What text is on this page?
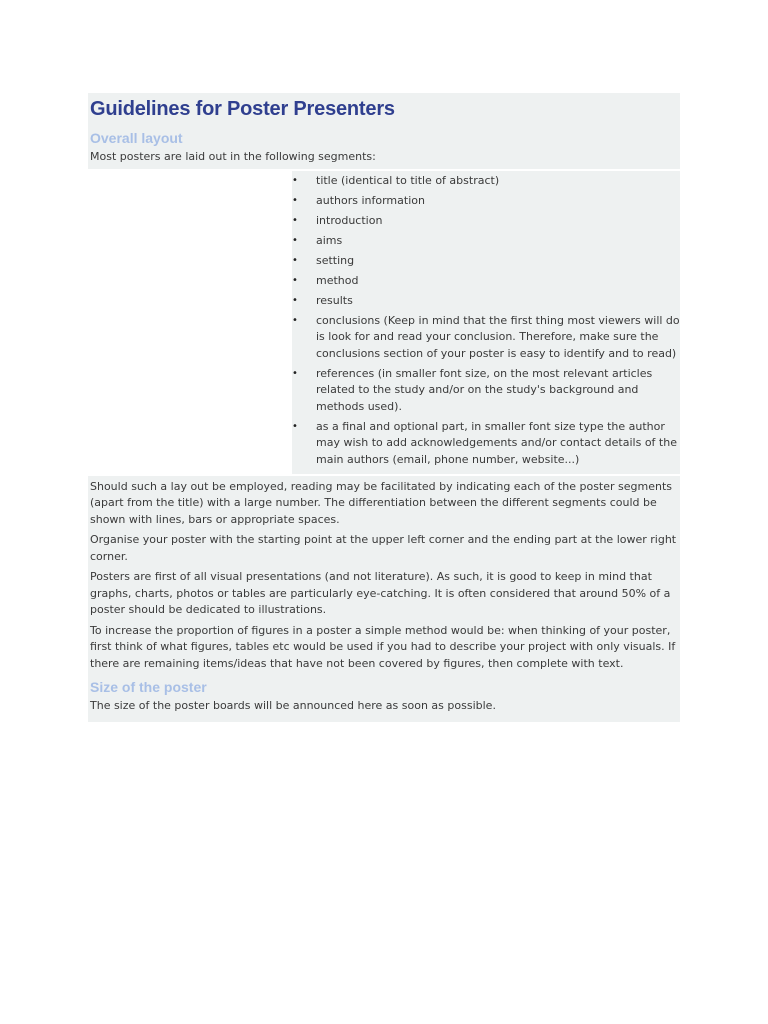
Guidelines for Poster Presenters
Overall layout

Most posters are laid out in the following segments:

• title (identical to title of abstract)
• authors information
• introduction
• aims
• setting
• method
• results
• conclusions (Keep in mind that the first thing most viewers will do is look for and read your conclusion. Therefore, make sure the conclusions section of your poster is easy to identify and to read)
• references (in smaller font size, on the most relevant articles related to the study and/or on the study's background and methods used).
• as a final and optional part, in smaller font size type the author may wish to add acknowledgements and/or contact details of the main authors (email, phone number, website...)

Should such a lay out be employed, reading may be facilitated by indicating each of the poster segments (apart from the title) with a large number. The differentiation between the different segments could be shown with lines, bars or appropriate spaces.

Organise your poster with the starting point at the upper left corner and the ending part at the lower right corner.

Posters are first of all visual presentations (and not literature). As such, it is good to keep in mind that graphs, charts, photos or tables are particularly eye-catching. It is often considered that around 50% of a poster should be dedicated to illustrations.

To increase the proportion of figures in a poster a simple method would be: when thinking of your poster, first think of what figures, tables etc would be used if you had to describe your project with only visuals. If there are remaining items/ideas that have not been covered by figures, then complete with text.

Size of the poster

The size of the poster boards will be announced here as soon as possible.
